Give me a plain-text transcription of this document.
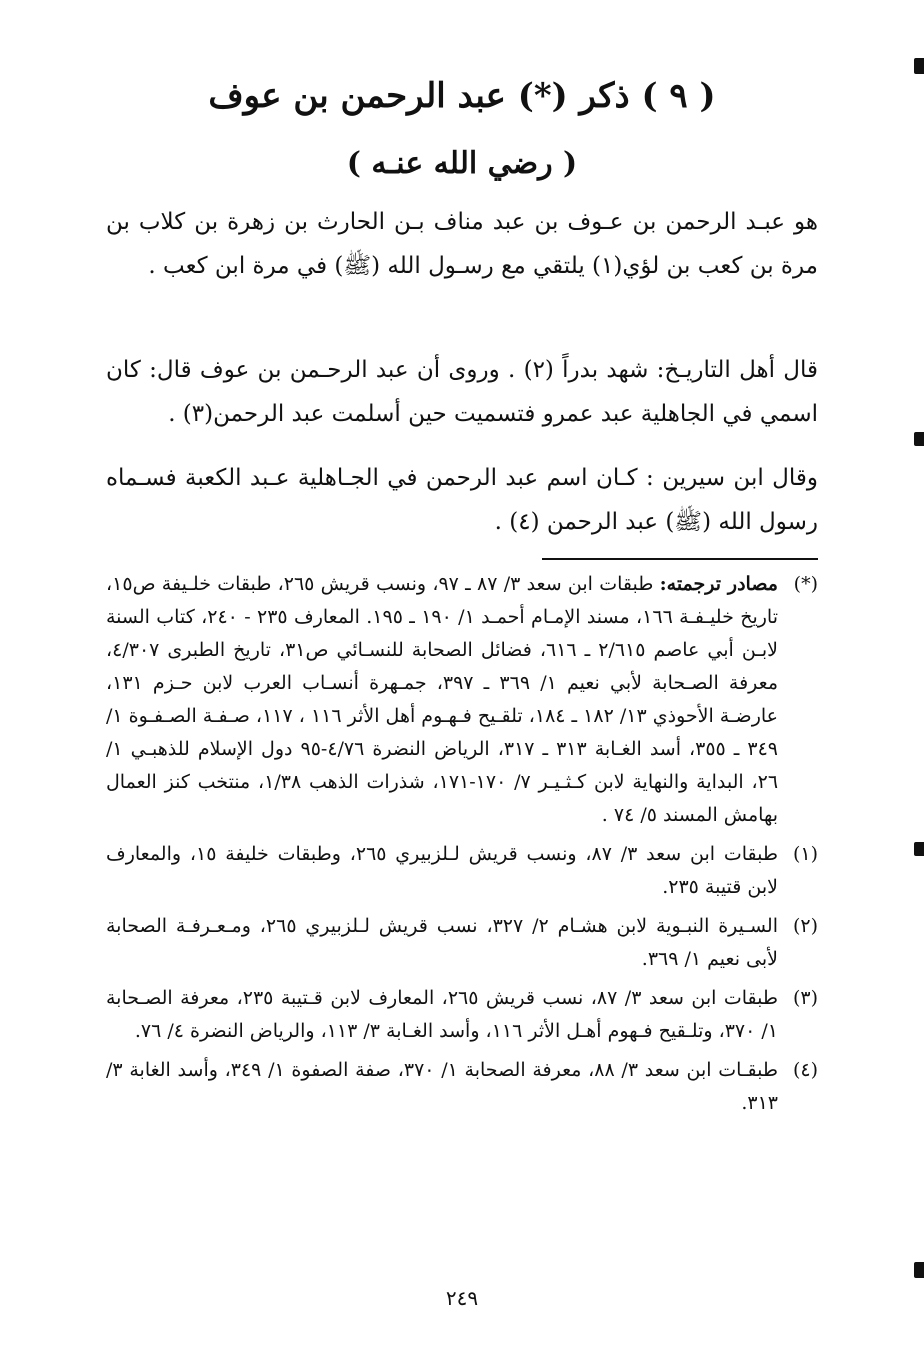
( ٩ ) ذكر (*) عبد الرحمن بن عوف
( رضي الله عنـه )
هو عبـد الرحمن بن عـوف بن عبد مناف بـن الحارث بن زهرة بن كلاب بن مرة بن كعب بن لؤي(١) يلتقي مع رسـول الله (ﷺ) في مرة ابن كعب .
قال أهل التاريـخ: شهد بدراً (٢) . وروى أن عبد الرحـمن بن عوف قال: كان اسمي في الجاهلية عبد عمرو فتسميت حين أسلمت عبد الرحمن(٣) .
وقال ابن سيرين : كـان اسم عبد الرحمن في الجـاهلية عـبد الكعبة فسـماه رسول الله (ﷺ) عبد الرحمن (٤) .
(*)
مصادر ترجمته: طبقات ابن سعد ٣/ ٨٧ ـ ٩٧، ونسب قريش ٢٦٥، طبقات خلـيفة ص١٥، تاريخ خليـفـة ١٦٦، مسند الإمـام أحمـد ١/ ١٩٠ ـ ١٩٥. المعارف ٢٣٥ - ٢٤٠، كتاب السنة لابـن أبي عاصم ٢/٦١٥ ـ ٦١٦، فضائل الصحابة للنسـائي ص٣١، تاريخ الطبرى ٤/٣٠٧، معرفة الصـحابة لأبي نعيم ١/ ٣٦٩ ـ ٣٩٧، جمـهرة أنسـاب العرب لابن حـزم ١٣١، عارضـة الأحوذي ١٣/ ١٨٢ ـ ١٨٤، تلقـيح فـهـوم أهل الأثر ١١٦ ، ١١٧، صـفـة الصـفـوة ١/ ٣٤٩ ـ ٣٥٥، أسد الغـابة ٣١٣ ـ ٣١٧، الرياض النضرة ٤/٧٦-٩٥ دول الإسلام للذهبـي ١/ ٢٦، البداية والنهاية لابن كـثـيـر ٧/ ١٧٠-١٧١، شذرات الذهب ١/٣٨، منتخب كنز العمال بهامش المسند ٥/ ٧٤ .
(١)
طبقات ابن سعد ٣/ ٨٧، ونسب قريش لـلزبيري ٢٦٥، وطبقات خليفة ١٥، والمعارف لابن قتيبة ٢٣٥.
(٢)
السـيرة النبـوية لابن هشـام ٢/ ٣٢٧، نسب قريش لـلزبيري ٢٦٥، ومـعـرفـة الصحابة لأبى نعيم ١/ ٣٦٩.
(٣)
طبقات ابن سعد ٣/ ٨٧، نسب قريش ٢٦٥، المعارف لابن قـتيبة ٢٣٥، معرفة الصـحابة ١/ ٣٧٠، وتلـقيح فـهوم أهـل الأثر ١١٦، وأسد الغـابة ٣/ ١١٣، والرياض النضرة ٤/ ٧٦.
(٤)
طبقـات ابن سعد ٣/ ٨٨، معرفة الصحابة ١/ ٣٧٠، صفة الصفوة ١/ ٣٤٩، وأسد الغابة ٣/ ٣١٣.
٢٤٩
